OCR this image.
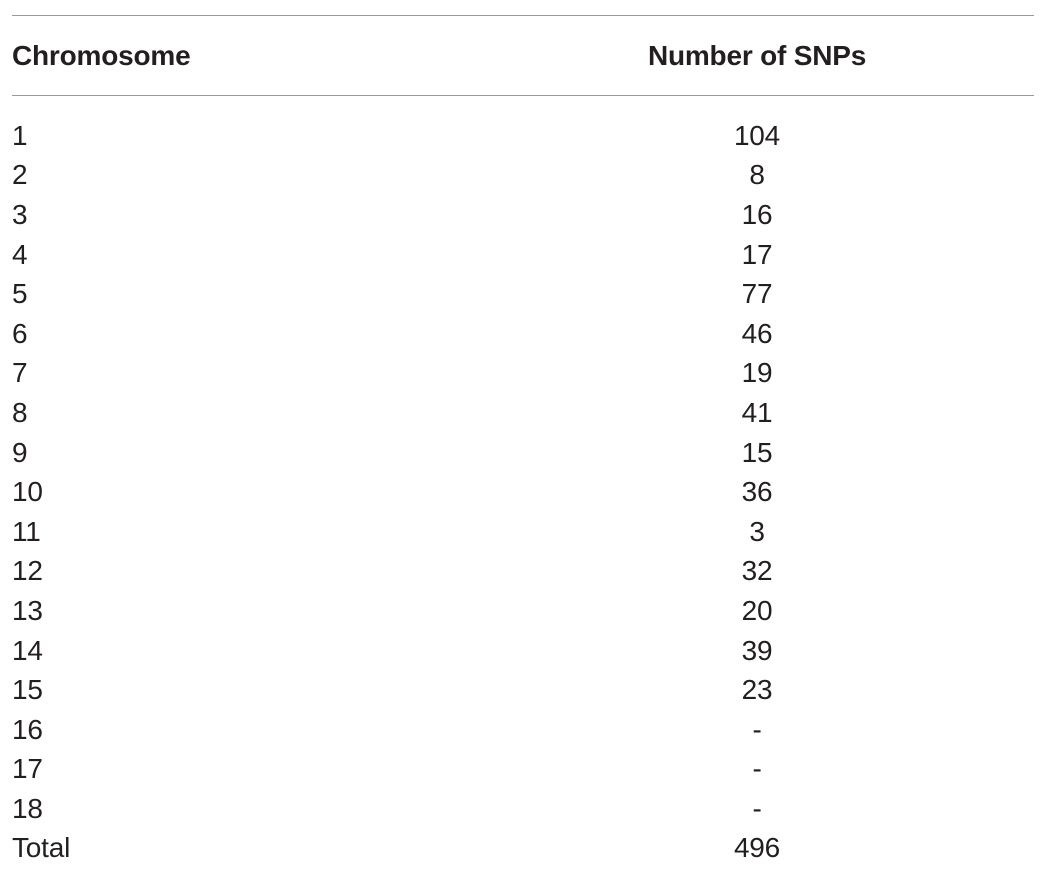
Chromosome	Number of SNPs
1	104
2	8
3	16
4	17
5	77
6	46
7	19
8	41
9	15
10	36
11	3
12	32
13	20
14	39
15	23
16	-
17	-
18	-
Total	496
